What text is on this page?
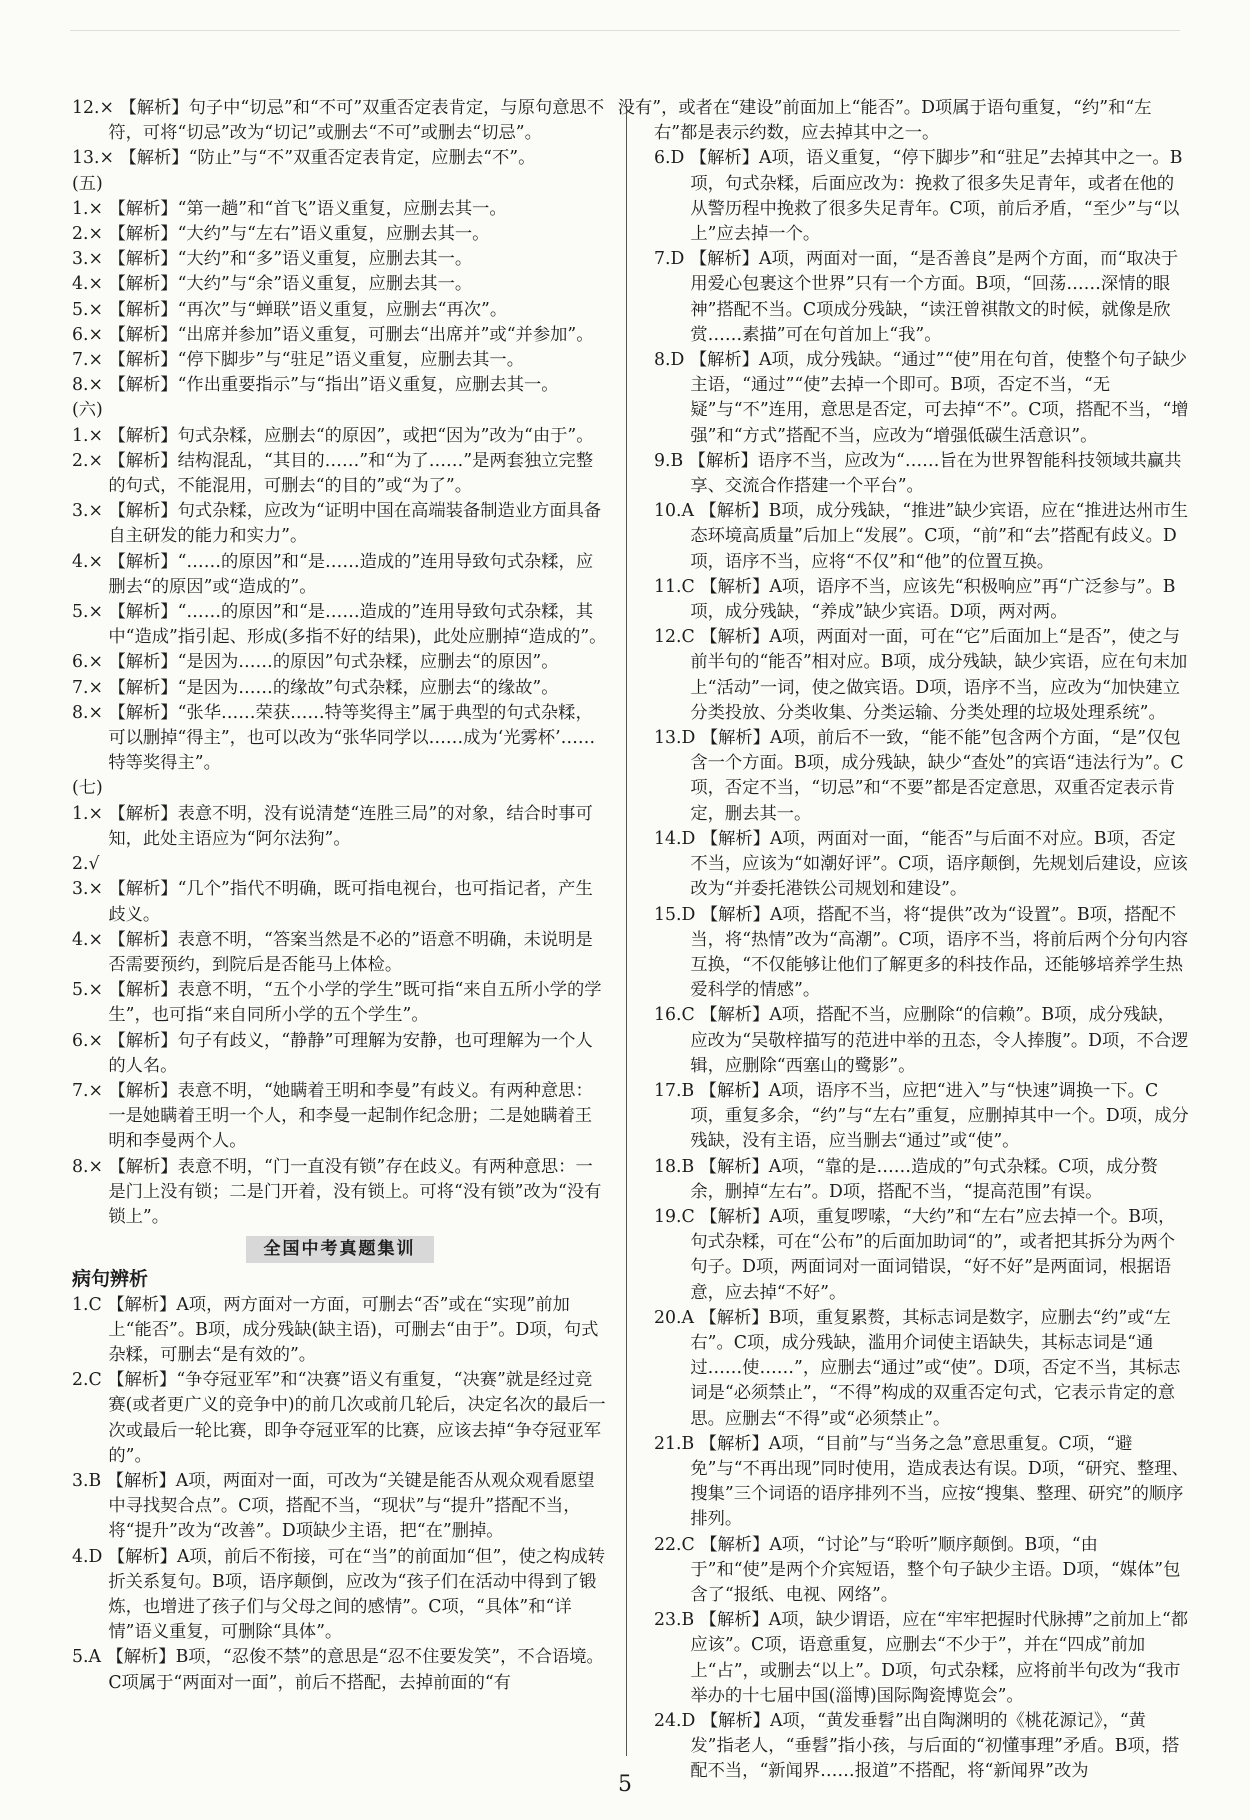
12.× 【解析】句子中“切忌”和“不可”双重否定表肯定，与原句意思不符，可将“切忌”改为“切记”或删去“不可”或删去“切忌”。
13.× 【解析】“防止”与“不”双重否定表肯定，应删去“不”。
(五)
1.× 【解析】“第一趟”和“首飞”语义重复，应删去其一。
2.× 【解析】“大约”与“左右”语义重复，应删去其一。
3.× 【解析】“大约”和“多”语义重复，应删去其一。
4.× 【解析】“大约”与“余”语义重复，应删去其一。
5.× 【解析】“再次”与“蝉联”语义重复，应删去“再次”。
6.× 【解析】“出席并参加”语义重复，可删去“出席并”或“并参加”。
7.× 【解析】“停下脚步”与“驻足”语义重复，应删去其一。
8.× 【解析】“作出重要指示”与“指出”语义重复，应删去其一。
(六)
1.× 【解析】句式杂糅，应删去“的原因”，或把“因为”改为“由于”。
2.× 【解析】结构混乱，“其目的……”和“为了……”是两套独立完整的句式，不能混用，可删去“的目的”或“为了”。
3.× 【解析】句式杂糅，应改为“证明中国在高端装备制造业方面具备自主研发的能力和实力”。
4.× 【解析】“……的原因”和“是……造成的”连用导致句式杂糅，应删去“的原因”或“造成的”。
5.× 【解析】“……的原因”和“是……造成的”连用导致句式杂糅，其中“造成”指引起、形成(多指不好的结果)，此处应删掉“造成的”。
6.× 【解析】“是因为……的原因”句式杂糅，应删去“的原因”。
7.× 【解析】“是因为……的缘故”句式杂糅，应删去“的缘故”。
8.× 【解析】“张华……荣获……特等奖得主”属于典型的句式杂糅，可以删掉“得主”，也可以改为“张华同学以……成为‘光雾杯’……特等奖得主”。
(七)
1.× 【解析】表意不明，没有说清楚“连胜三局”的对象，结合时事可知，此处主语应为“阿尔法狗”。
2.√
3.× 【解析】“几个”指代不明确，既可指电视台，也可指记者，产生歧义。
4.× 【解析】表意不明，“答案当然是不必的”语意不明确，未说明是否需要预约，到院后是否能马上体检。
5.× 【解析】表意不明，“五个小学的学生”既可指“来自五所小学的学生”，也可指“来自同所小学的五个学生”。
6.× 【解析】句子有歧义，“静静”可理解为安静，也可理解为一个人的人名。
7.× 【解析】表意不明，“她瞒着王明和李曼”有歧义。有两种意思：一是她瞒着王明一个人，和李曼一起制作纪念册；二是她瞒着王明和李曼两个人。
8.× 【解析】表意不明，“门一直没有锁”存在歧义。有两种意思：一是门上没有锁；二是门开着，没有锁上。可将“没有锁”改为“没有锁上”。
全国中考真题集训
病句辨析
1.C 【解析】A项，两方面对一方面，可删去“否”或在“实现”前加上“能否”。B项，成分残缺(缺主语)，可删去“由于”。D项，句式杂糅，可删去“是有效的”。
2.C 【解析】“争夺冠亚军”和“决赛”语义有重复，“决赛”就是经过竞赛(或者更广义的竞争中)的前几次或前几轮后，决定名次的最后一次或最后一轮比赛，即争夺冠亚军的比赛，应该去掉“争夺冠亚军的”。
3.B 【解析】A项，两面对一面，可改为“关键是能否从观众观看愿望中寻找契合点”。C项，搭配不当，“现状”与“提升”搭配不当，将“提升”改为“改善”。D项缺少主语，把“在”删掉。
4.D 【解析】A项，前后不衔接，可在“当”的前面加“但”，使之构成转折关系复句。B项，语序颠倒，应改为“孩子们在活动中得到了锻炼，也增进了孩子们与父母之间的感情”。C项，“具体”和“详情”语义重复，可删除“具体”。
5.A 【解析】B项，“忍俊不禁”的意思是“忍不住要发笑”，不合语境。C项属于“两面对一面”，前后不搭配，去掉前面的“有
没有”，或者在“建设”前面加上“能否”。D项属于语句重复，“约”和“左右”都是表示约数，应去掉其中之一。
6.D 【解析】A项，语义重复，“停下脚步”和“驻足”去掉其中之一。B项，句式杂糅，后面应改为：挽救了很多失足青年，或者在他的从警历程中挽救了很多失足青年。C项，前后矛盾，“至少”与“以上”应去掉一个。
7.D 【解析】A项，两面对一面，“是否善良”是两个方面，而“取决于用爱心包裹这个世界”只有一个方面。B项，“回荡……深情的眼神”搭配不当。C项成分残缺，“读汪曾祺散文的时候，就像是欣赏……素描”可在句首加上“我”。
8.D 【解析】A项，成分残缺。“通过”“使”用在句首，使整个句子缺少主语，“通过”“使”去掉一个即可。B项，否定不当，“无疑”与“不”连用，意思是否定，可去掉“不”。C项，搭配不当，“增强”和“方式”搭配不当，应改为“增强低碳生活意识”。
9.B 【解析】语序不当，应改为“……旨在为世界智能科技领域共赢共享、交流合作搭建一个平台”。
10.A 【解析】B项，成分残缺，“推进”缺少宾语，应在“推进达州市生态环境高质量”后加上“发展”。C项，“前”和“去”搭配有歧义。D项，语序不当，应将“不仅”和“他”的位置互换。
11.C 【解析】A项，语序不当，应该先“积极响应”再“广泛参与”。B项，成分残缺，“养成”缺少宾语。D项，两对两。
12.C 【解析】A项，两面对一面，可在“它”后面加上“是否”，使之与前半句的“能否”相对应。B项，成分残缺，缺少宾语，应在句末加上“活动”一词，使之做宾语。D项，语序不当，应改为“加快建立分类投放、分类收集、分类运输、分类处理的垃圾处理系统”。
13.D 【解析】A项，前后不一致，“能不能”包含两个方面，“是”仅包含一个方面。B项，成分残缺，缺少“查处”的宾语“违法行为”。C项，否定不当，“切忌”和“不要”都是否定意思，双重否定表示肯定，删去其一。
14.D 【解析】A项，两面对一面，“能否”与后面不对应。B项，否定不当，应该为“如潮好评”。C项，语序颠倒，先规划后建设，应该改为“并委托港铁公司规划和建设”。
15.D 【解析】A项，搭配不当，将“提供”改为“设置”。B项，搭配不当，将“热情”改为“高潮”。C项，语序不当，将前后两个分句内容互换，“不仅能够让他们了解更多的科技作品，还能够培养学生热爱科学的情感”。
16.C 【解析】A项，搭配不当，应删除“的信赖”。B项，成分残缺，应改为“吴敬梓描写的范进中举的丑态，令人捧腹”。D项，不合逻辑，应删除“西塞山的鹭影”。
17.B 【解析】A项，语序不当，应把“进入”与“快速”调换一下。C项，重复多余，“约”与“左右”重复，应删掉其中一个。D项，成分残缺，没有主语，应当删去“通过”或“使”。
18.B 【解析】A项，“靠的是……造成的”句式杂糅。C项，成分赘余，删掉“左右”。D项，搭配不当，“提高范围”有误。
19.C 【解析】A项，重复啰嗦，“大约”和“左右”应去掉一个。B项，句式杂糅，可在“公布”的后面加助词“的”，或者把其拆分为两个句子。D项，两面词对一面词错误，“好不好”是两面词，根据语意，应去掉“不好”。
20.A 【解析】B项，重复累赘，其标志词是数字，应删去“约”或“左右”。C项，成分残缺，滥用介词使主语缺失，其标志词是“通过……使……”，应删去“通过”或“使”。D项，否定不当，其标志词是“必须禁止”，“不得”构成的双重否定句式，它表示肯定的意思。应删去“不得”或“必须禁止”。
21.B 【解析】A项，“目前”与“当务之急”意思重复。C项，“避免”与“不再出现”同时使用，造成表达有误。D项，“研究、整理、搜集”三个词语的语序排列不当，应按“搜集、整理、研究”的顺序排列。
22.C 【解析】A项，“讨论”与“聆听”顺序颠倒。B项，“由于”和“使”是两个介宾短语，整个句子缺少主语。D项，“媒体”包含了“报纸、电视、网络”。
23.B 【解析】A项，缺少谓语，应在“牢牢把握时代脉搏”之前加上“都应该”。C项，语意重复，应删去“不少于”，并在“四成”前加上“占”，或删去“以上”。D项，句式杂糅，应将前半句改为“我市举办的十七届中国(淄博)国际陶瓷博览会”。
24.D 【解析】A项，“黄发垂髫”出自陶渊明的《桃花源记》，“黄发”指老人，“垂髫”指小孩，与后面的“初懂事理”矛盾。B项，搭配不当，“新闻界……报道”不搭配，将“新闻界”改为
5
